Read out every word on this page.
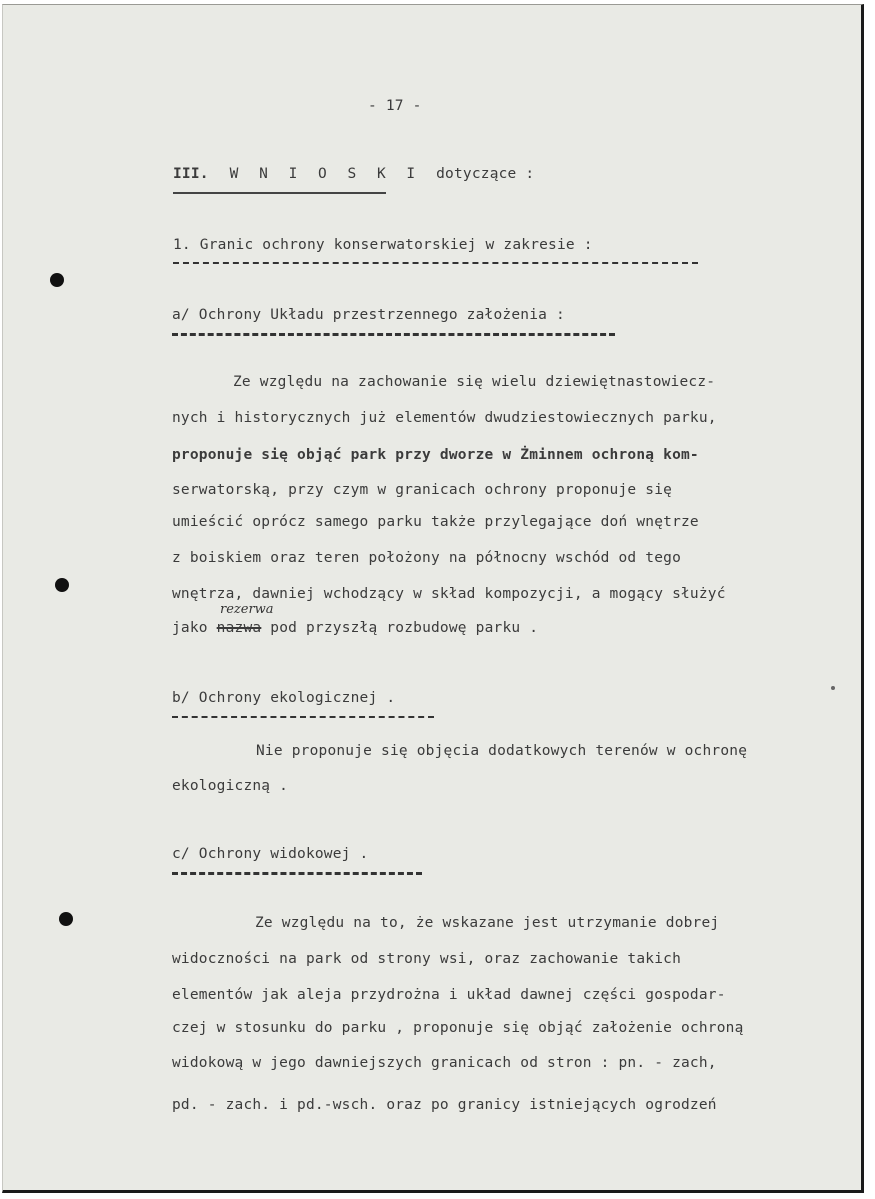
- 17 -
III. W N I O S K I dotyczące :
1. Granic ochrony konserwatorskiej w zakresie :
a/ Ochrony Układu przestrzennego założenia :
Ze względu na zachowanie się wielu dziewiętnastowiecz-
nych i historycznych już elementów dwudziestowiecznych parku,
proponuje się objąć park przy dworze w Żminnem ochroną kom-
serwatorską, przy czym w granicach ochrony proponuje się
umieścić oprócz samego parku także przylegające doń wnętrze
z boiskiem oraz teren położony na północny wschód od tego
wnętrza, dawniej wchodzący w skład kompozycji, a mogący służyć
rezerwa
jako nazwa pod przyszłą rozbudowę parku .
b/ Ochrony ekologicznej .
Nie proponuje się objęcia dodatkowych terenów w ochronę
ekologiczną .
c/ Ochrony widokowej .
Ze względu na to, że wskazane jest utrzymanie dobrej
widoczności na park od strony wsi, oraz zachowanie takich
elementów jak aleja przydrożna i układ dawnej części gospodar-
czej w stosunku do parku , proponuje się objąć założenie ochroną
widokową w jego dawniejszych granicach od stron : pn. - zach,
pd. - zach. i pd.-wsch. oraz po granicy istniejących ogrodzeń
